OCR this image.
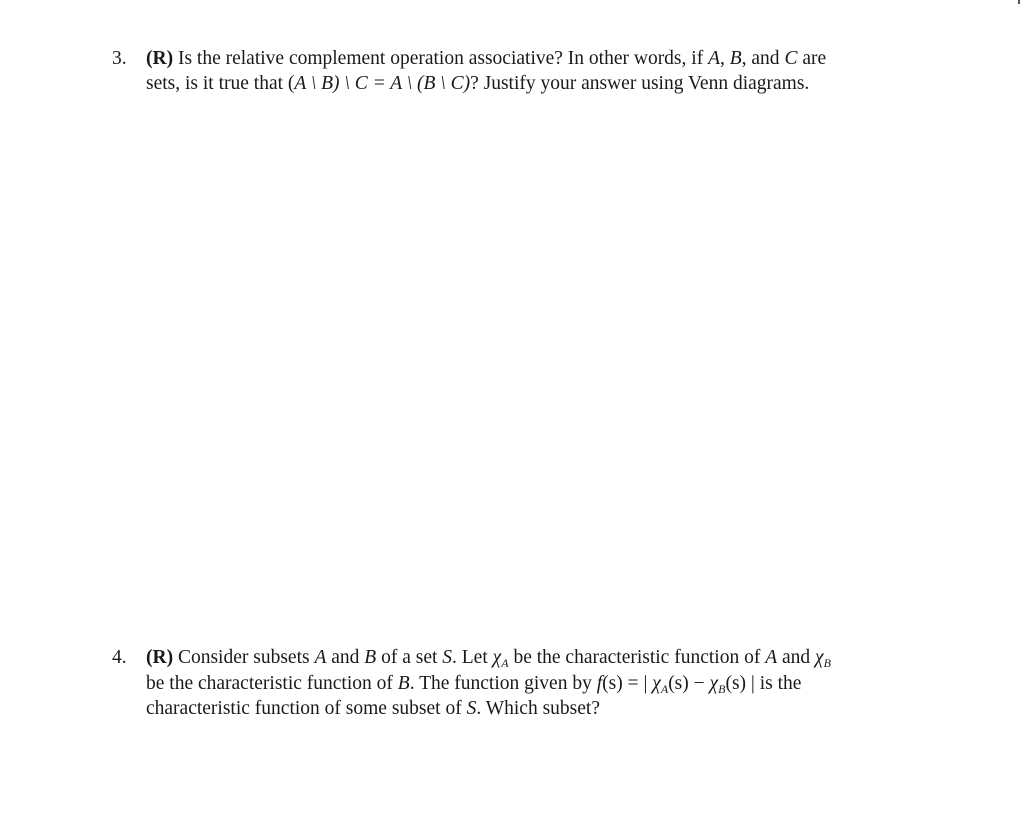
3. (R) Is the relative complement operation associative? In other words, if A, B, and C are
sets, is it true that (A \ B) \ C = A \ (B \ C)? Justify your answer using Venn diagrams.
4. (R) Consider subsets A and B of a set S. Let $\chi_A$ be the characteristic function of A and $\chi_B$
be the characteristic function of B. The function given by f(s) = | $\chi_A(s) - \chi_B(s)$ | is the
characteristic function of some subset of S. Which subset?
